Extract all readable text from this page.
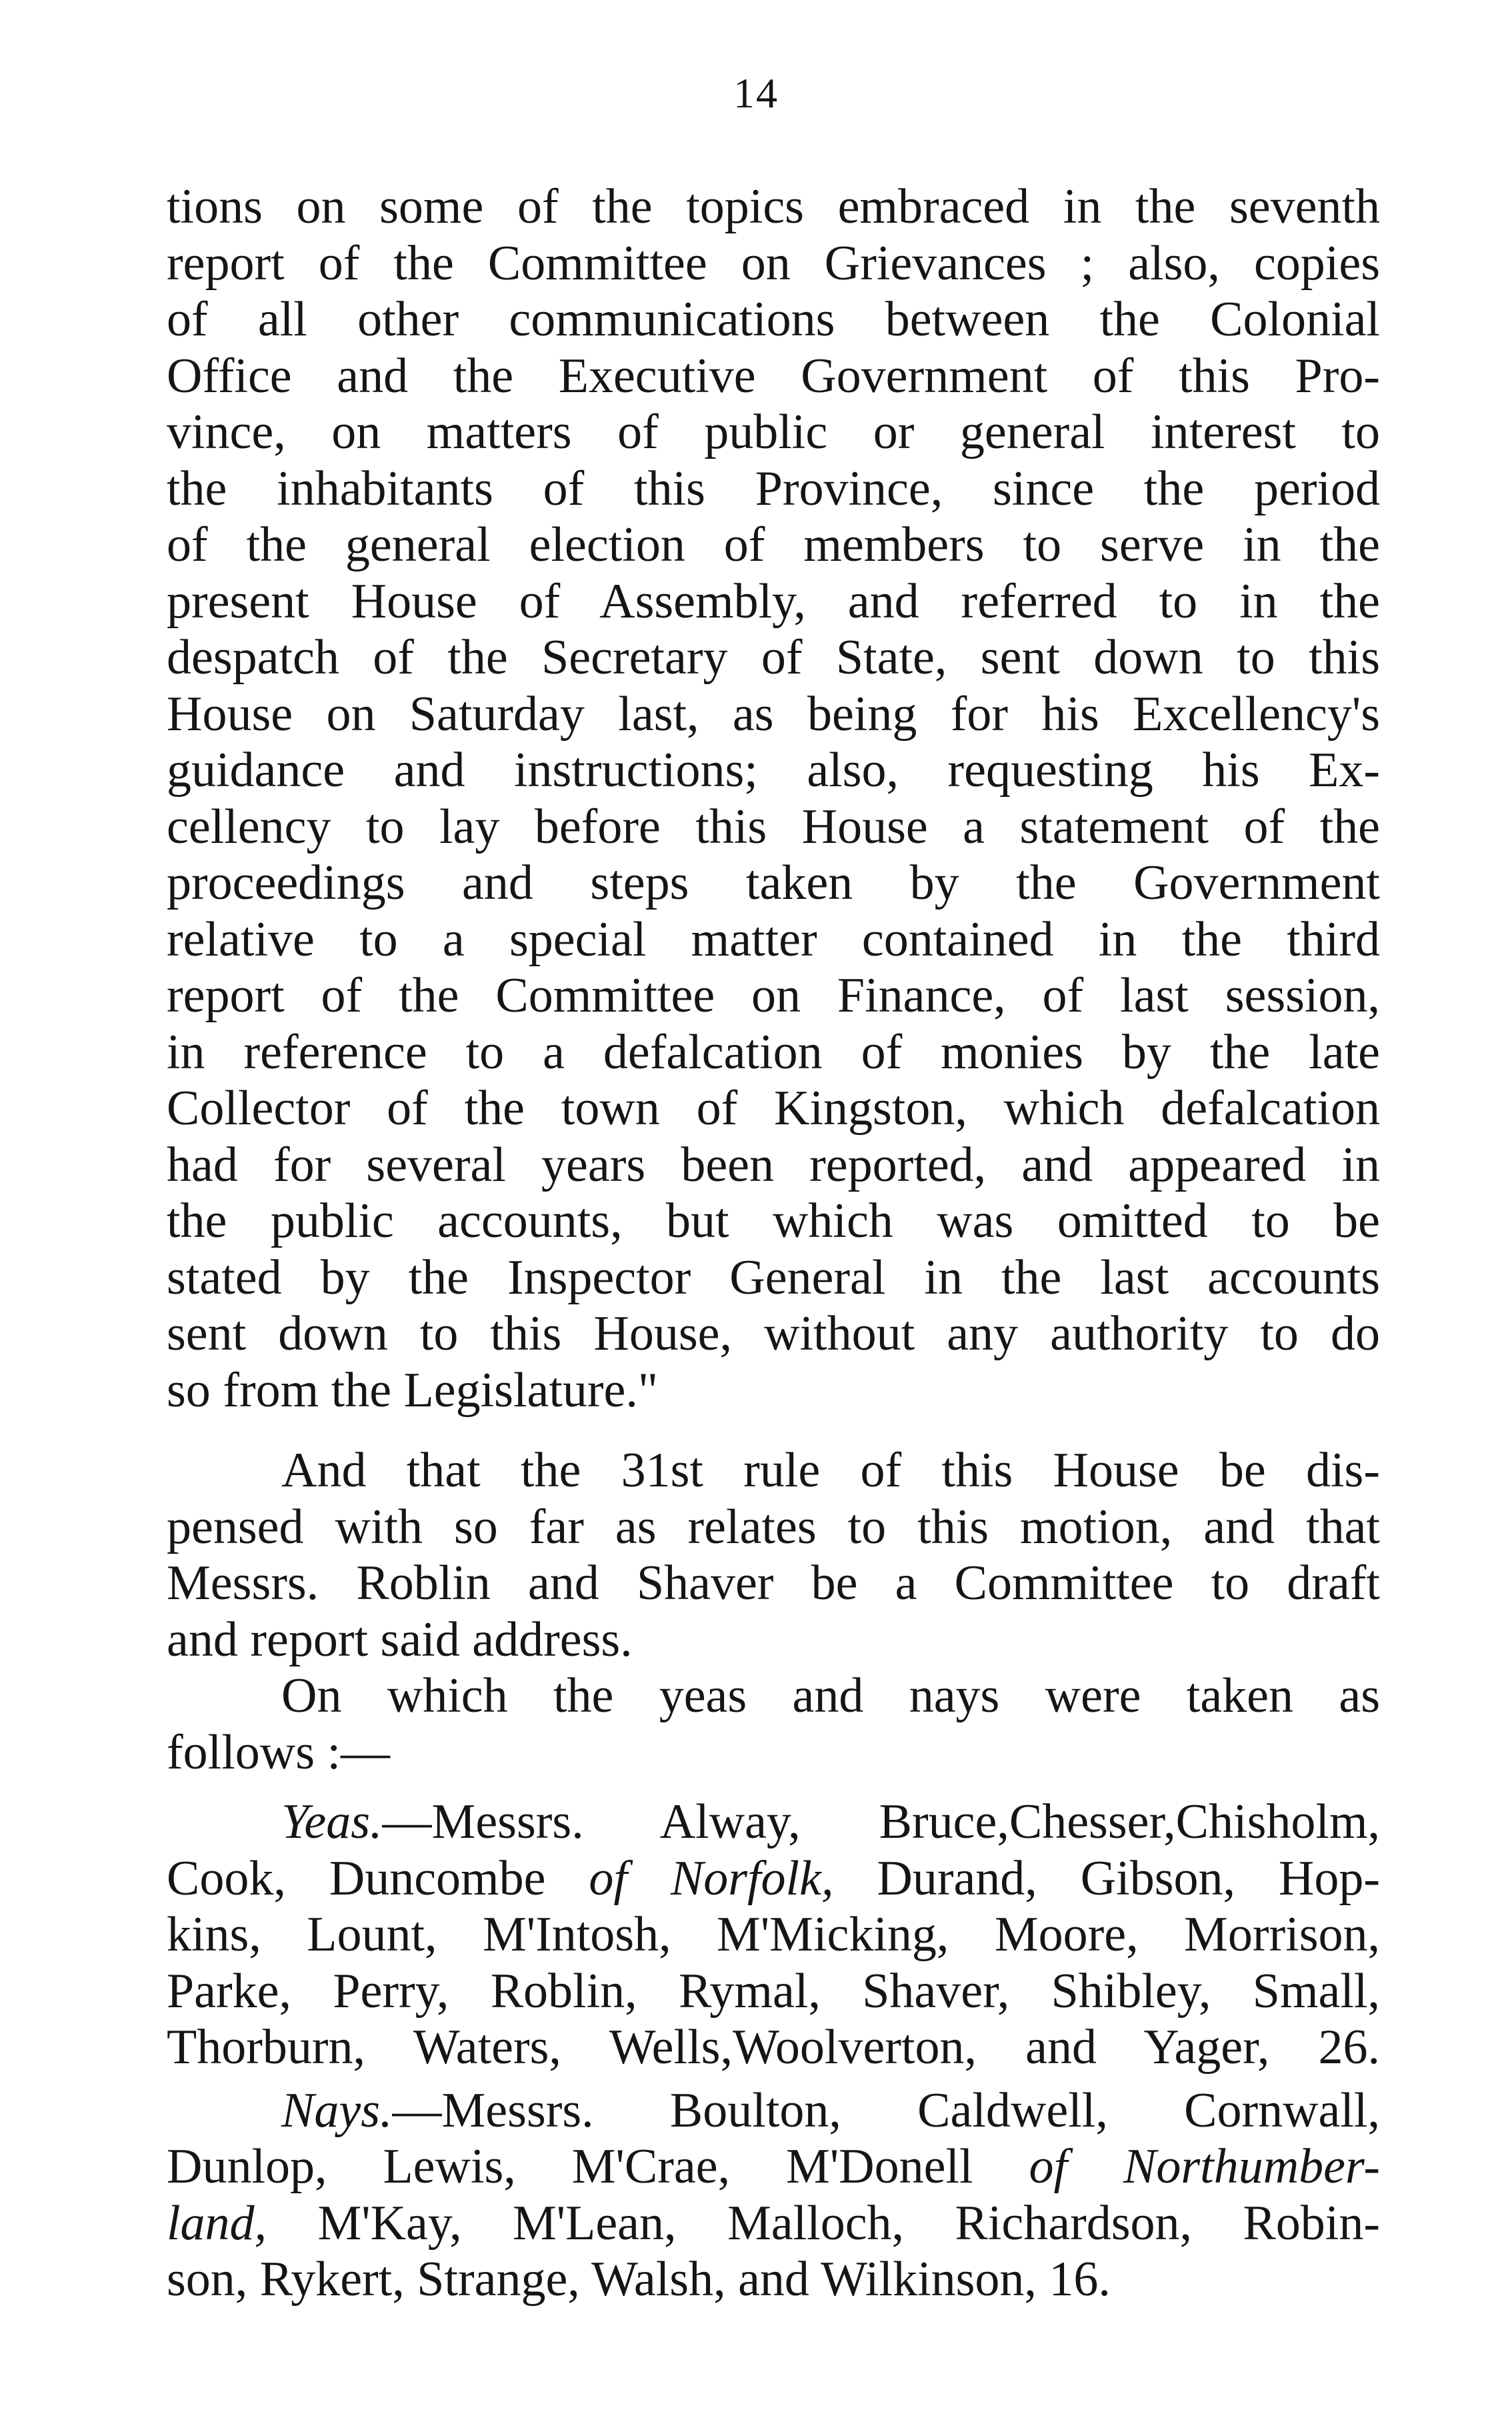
14
tions on some of the topics embraced in the seventh
report of the Committee on Grievances ; also, copies
of all other communications between the Colonial
Office and the Executive Government of this Pro-
vince, on matters of public or general interest to
the inhabitants of this Province, since the period
of the general election of members to serve in the
present House of Assembly, and referred to in the
despatch of the Secretary of State, sent down to this
House on Saturday last, as being for his Excellency's
guidance and instructions; also, requesting his Ex-
cellency to lay before this House a statement of the
proceedings and steps taken by the Government
relative to a special matter contained in the third
report of the Committee on Finance, of last session,
in reference to a defalcation of monies by the late
Collector of the town of Kingston, which defalcation
had for several years been reported, and appeared in
the public accounts, but which was omitted to be
stated by the Inspector General in the last accounts
sent down to this House, without any authority to do
so from the Legislature."
And that the 31st rule of this House be dis-
pensed with so far as relates to this motion, and that
Messrs. Roblin and Shaver be a Committee to draft
and report said address.
On which the yeas and nays were taken as
follows :—
Yeas.—Messrs. Alway, Bruce,Chesser,Chisholm,
Cook, Duncombe of Norfolk, Durand, Gibson, Hop-
kins, Lount, M'Intosh, M'Micking, Moore, Morrison,
Parke, Perry, Roblin, Rymal, Shaver, Shibley, Small,
Thorburn, Waters, Wells,Woolverton, and Yager, 26.
Nays.—Messrs. Boulton, Caldwell, Cornwall,
Dunlop, Lewis, M'Crae, M'Donell of Northumber-
land, M'Kay, M'Lean, Malloch, Richardson, Robin-
son, Rykert, Strange, Walsh, and Wilkinson, 16.
